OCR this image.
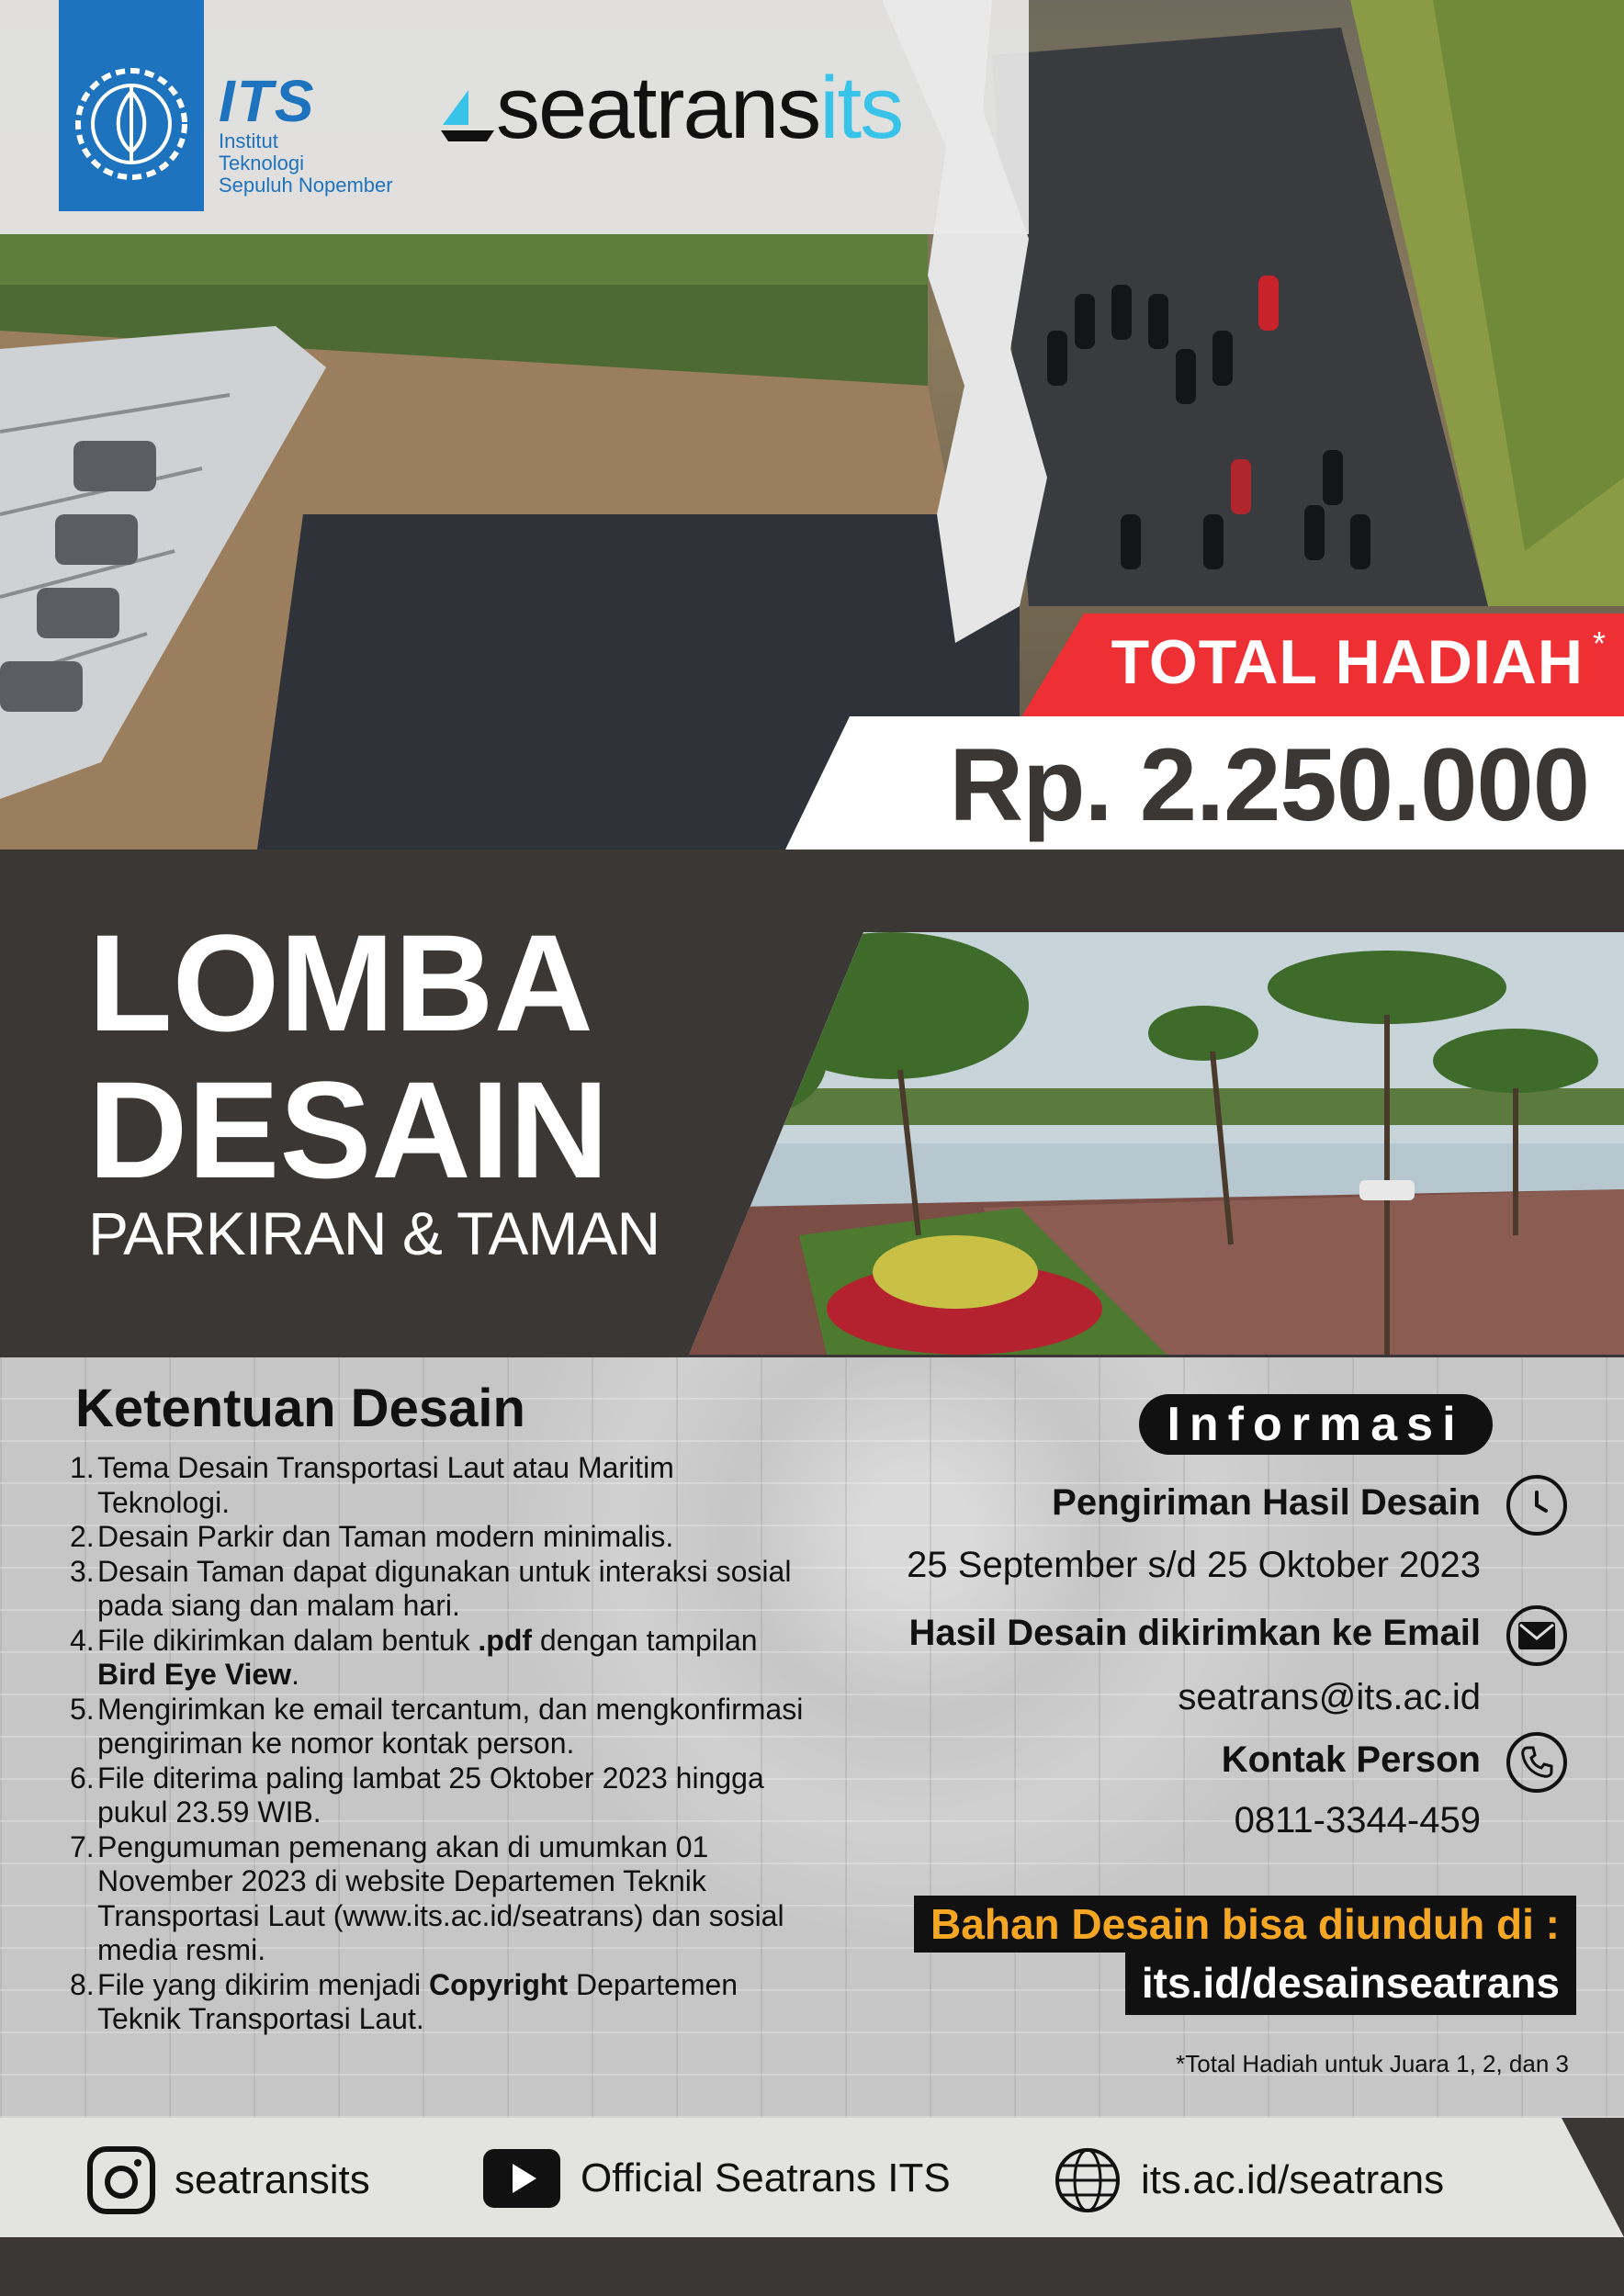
ITS
Institut
Teknologi
Sepuluh Nopember
seatransits
TOTAL HADIAH *
Rp. 2.250.000
LOMBA
DESAIN
PARKIRAN & TAMAN
Ketentuan Desain
1. Tema Desain Transportasi Laut atau Maritim Teknologi.
2. Desain Parkir dan Taman modern minimalis.
3. Desain Taman dapat digunakan untuk interaksi sosial pada siang dan malam hari.
4. File dikirimkan dalam bentuk .pdf dengan tampilan Bird Eye View.
5. Mengirimkan ke email tercantum, dan mengkonfirmasi pengiriman ke nomor kontak person.
6. File diterima paling lambat 25 Oktober 2023 hingga pukul 23.59 WIB.
7. Pengumuman pemenang akan di umumkan 01 November 2023 di website Departemen Teknik Transportasi Laut (www.its.ac.id/seatrans) dan sosial media resmi.
8. File yang dikirim menjadi Copyright Departemen Teknik Transportasi Laut.
Informasi
Pengiriman Hasil Desain
25 September s/d 25 Oktober 2023
Hasil Desain dikirimkan ke Email
seatrans@its.ac.id
Kontak Person
0811-3344-459
Bahan Desain bisa diunduh di :
its.id/desainseatrans
*Total Hadiah untuk Juara 1, 2, dan 3
seatransits	Official Seatrans ITS	its.ac.id/seatrans
